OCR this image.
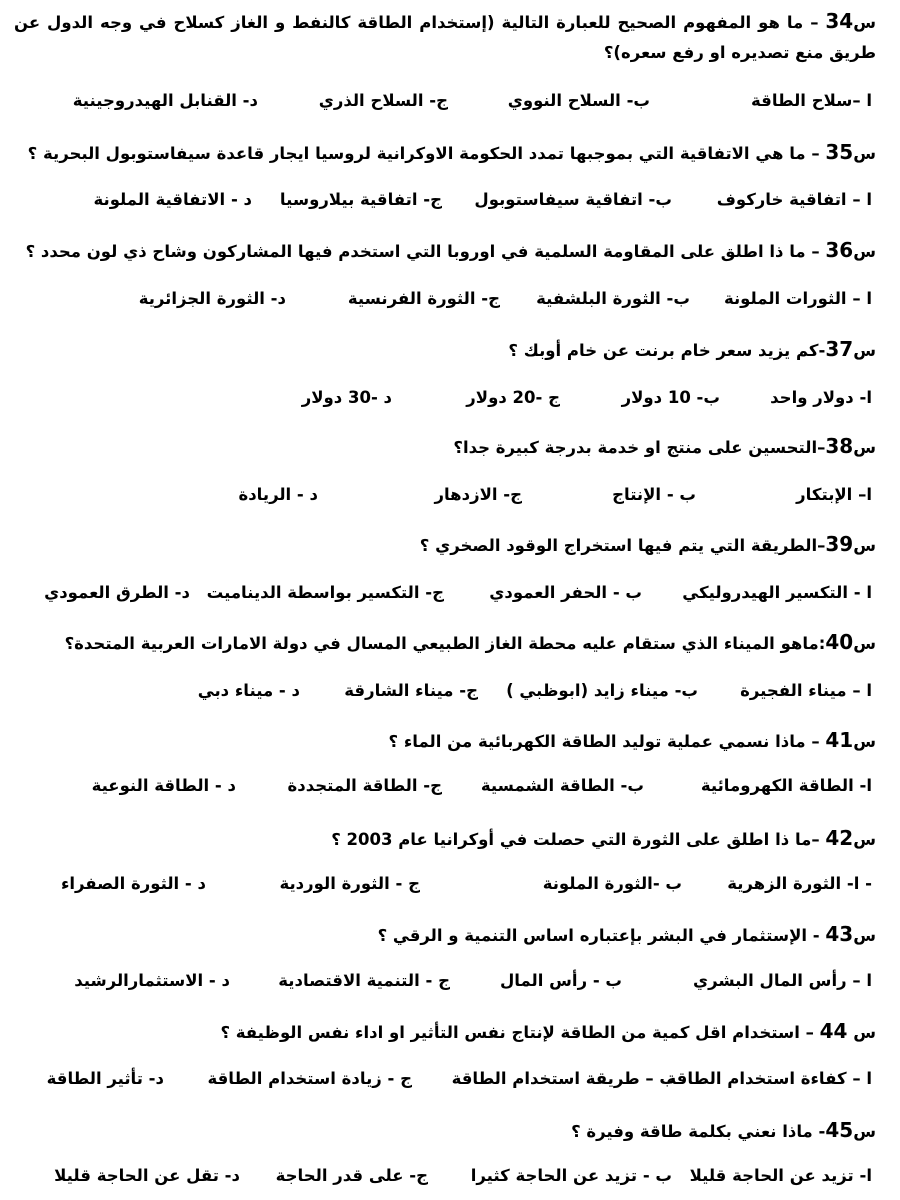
س34 – ما هو المفهوم الصحيح للعبارة التالية (إستخدام الطاقة كالنفط و الغاز كسلاح في وجه الدول عن طريق منع تصديره او رفع سعره)؟
ا –سلاح الطاقة
ب- السلاح النووي
ج- السلاح الذري
د- القنابل الهيدروجينية
س35 – ما هي الاتفاقية التي بموجبها تمدد الحكومة الاوكرانية لروسيا ايجار قاعدة سيفاستوبول البحرية ؟
ا – اتفاقية خاركوف
ب- اتفاقية سيفاستوبول
ج- اتفاقية بيلاروسيا
د - الاتفاقية الملونة
س36 – ما ذا اطلق على المقاومة السلمية في اوروبا التي استخدم فيها المشاركون وشاح ذي لون محدد ؟
ا – الثورات الملونة
ب- الثورة البلشفية
ج- الثورة الفرنسية
د- الثورة الجزائرية
س37-كم يزيد سعر خام برنت عن خام أوبك ؟
ا- دولار واحد
ب- 10 دولار
ج -20 دولار
د -30 دولار
س38–التحسين على منتج او خدمة بدرجة كبيرة جدا؟
ا– الإبتكار
ب - الإنتاج
ج- الازدهار
د - الريادة
س39–الطريقة التي يتم فيها استخراج الوقود الصخري ؟
ا - التكسير الهيدروليكي
ب - الحفر العمودي
ج- التكسير بواسطة الديناميت
د- الطرق العمودي
س40:ماهو الميناء الذي ستقام عليه محطة الغاز الطبيعي المسال في دولة الامارات العربية المتحدة؟
ا – ميناء الفجيرة
ب- ميناء زايد (ابوظبي )
ج- ميناء الشارقة
د - ميناء دبي
س41 – ماذا نسمي عملية توليد الطاقة الكهربائية من الماء ؟
ا- الطاقة الكهرومائية
ب- الطاقة الشمسية
ج- الطاقة المتجددة
د - الطاقة النوعية
س42 –ما ذا اطلق على الثورة التي حصلت في أوكرانيا عام 2003 ؟
- ا- الثورة الزهرية
ب -الثورة الملونة
ج - الثورة الوردية
د - الثورة الصفراء
س43 - الإستثمار في البشر بإعتباره اساس التنمية و الرقي ؟
ا – رأس المال البشري
ب - رأس المال
ج - التنمية الاقتصادية
د - الاستثمارالرشيد
س 44 – استخدام اقل كمية من الطاقة لإنتاج نفس التأثير او اداء نفس الوظيفة ؟
ا – كفاءة استخدام الطاقة
ب – طريقة استخدام الطاقة
ج - زيادة استخدام الطاقة
د- تأثير الطاقة
س45- ماذا نعني بكلمة طاقة وفيرة ؟
ا- تزيد عن الحاجة قليلا
ب - تزيد عن الحاجة كثيرا
ج- على قدر الحاجة
د- تقل عن الحاجة قليلا
